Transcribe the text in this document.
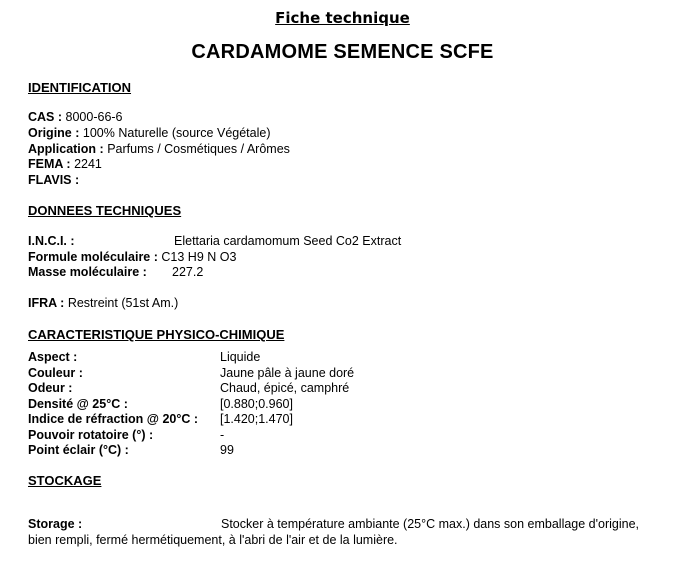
Fiche technique
CARDAMOME SEMENCE SCFE
IDENTIFICATION
CAS : 8000-66-6
Origine : 100% Naturelle (source Végétale)
Application : Parfums / Cosmétiques / Arômes
FEMA : 2241
FLAVIS :
DONNEES TECHNIQUES
I.N.C.I. :	Elettaria cardamomum Seed Co2 Extract
Formule moléculaire : C13 H9 N O3
Masse moléculaire : 227.2
IFRA : Restreint (51st Am.)
CARACTERISTIQUE PHYSICO-CHIMIQUE
Aspect :	Liquide
Couleur :	Jaune pâle à jaune doré
Odeur :	Chaud, épicé, camphré
Densité @ 25°C :	[0.880;0.960]
Indice de réfraction @ 20°C : [1.420;1.470]
Pouvoir rotatoire (°) :	-
Point éclair (°C) :	99
STOCKAGE
Storage :	Stocker à température ambiante (25°C max.) dans son emballage d'origine,
bien rempli, fermé hermétiquement, à l'abri de l'air et de la lumière.
